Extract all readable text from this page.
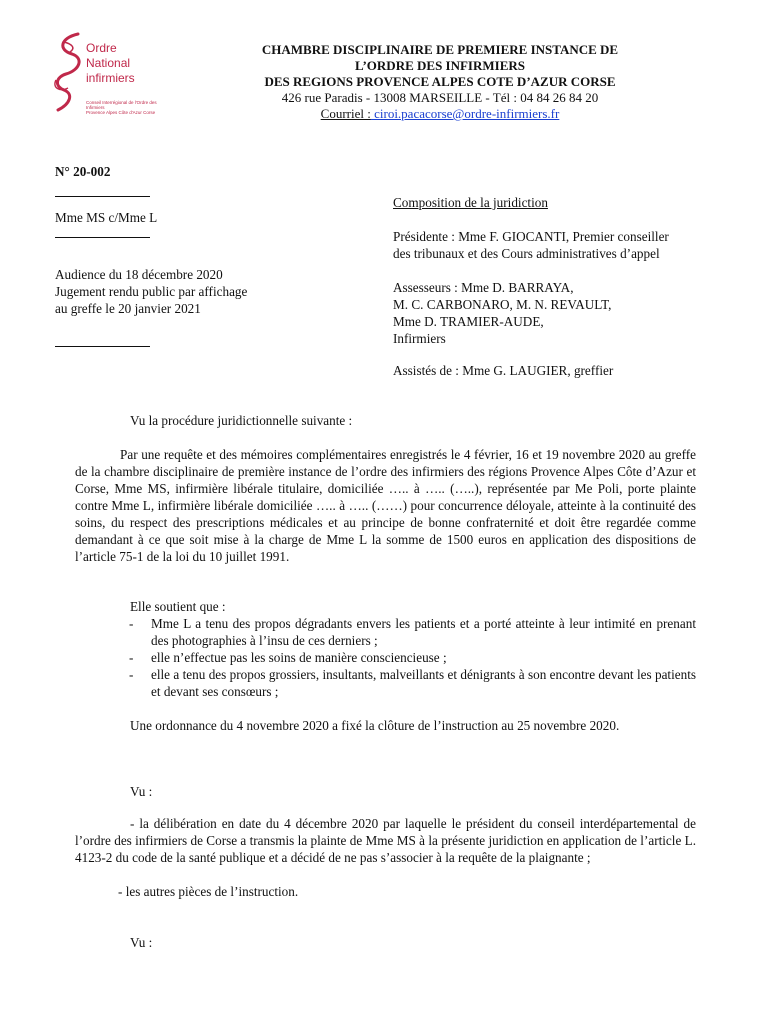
Ordre
National
infirmiers
Conseil Interrégional de l'Ordre des Infirmiers
Provence Alpes Côte d'Azur Corse
CHAMBRE DISCIPLINAIRE DE PREMIERE INSTANCE DE
L’ORDRE DES INFIRMIERS
DES REGIONS PROVENCE ALPES COTE D’AZUR CORSE
426 rue Paradis - 13008 MARSEILLE - Tél : 04 84 26 84 20
Courriel : ciroi.pacacorse@ordre-infirmiers.fr
N° 20-002
Mme MS c/Mme L
Audience du 18 décembre 2020
Jugement rendu public par affichage
au greffe le 20 janvier 2021
Composition de la juridiction
Présidente : Mme F. GIOCANTI, Premier conseiller
des tribunaux et des Cours administratives d’appel
Assesseurs : Mme D. BARRAYA,
M. C. CARBONARO, M. N. REVAULT,
Mme D. TRAMIER-AUDE,
Infirmiers
Assistés de : Mme G. LAUGIER, greffier
Vu la procédure juridictionnelle suivante :
Par une requête et des mémoires complémentaires enregistrés le 4 février, 16 et 19 novembre 2020 au greffe de la chambre disciplinaire de première instance de l’ordre des infirmiers des régions Provence Alpes Côte d’Azur et Corse, Mme MS, infirmière libérale titulaire, domiciliée ….. à ….. (…..), représentée par Me Poli, porte plainte contre Mme L, infirmière libérale domiciliée ….. à ….. (……) pour concurrence déloyale, atteinte à la continuité des soins, du respect des prescriptions médicales et au principe de bonne confraternité et doit être regardée comme demandant à ce que soit mise à la charge de Mme L la somme de 1500 euros en application des dispositions de l’article 75-1 de la loi du 10 juillet 1991.
Elle soutient que :
- Mme L a tenu des propos dégradants envers les patients et a porté atteinte à leur intimité en prenant des photographies à l’insu de ces derniers ;
- elle n’effectue pas les soins de manière consciencieuse ;
- elle a tenu des propos grossiers, insultants, malveillants et dénigrants à son encontre devant les patients et devant ses consœurs ;
Une ordonnance du 4 novembre 2020 a fixé la clôture de l’instruction au 25 novembre 2020.
Vu :
- la délibération en date du 4 décembre 2020 par laquelle le président du conseil interdépartemental de l’ordre des infirmiers de Corse a transmis la plainte de Mme MS à la présente juridiction en application de l’article L. 4123-2 du code de la santé publique et a décidé de ne pas s’associer à la requête de la plaignante ;
- les autres pièces de l’instruction.
Vu :
